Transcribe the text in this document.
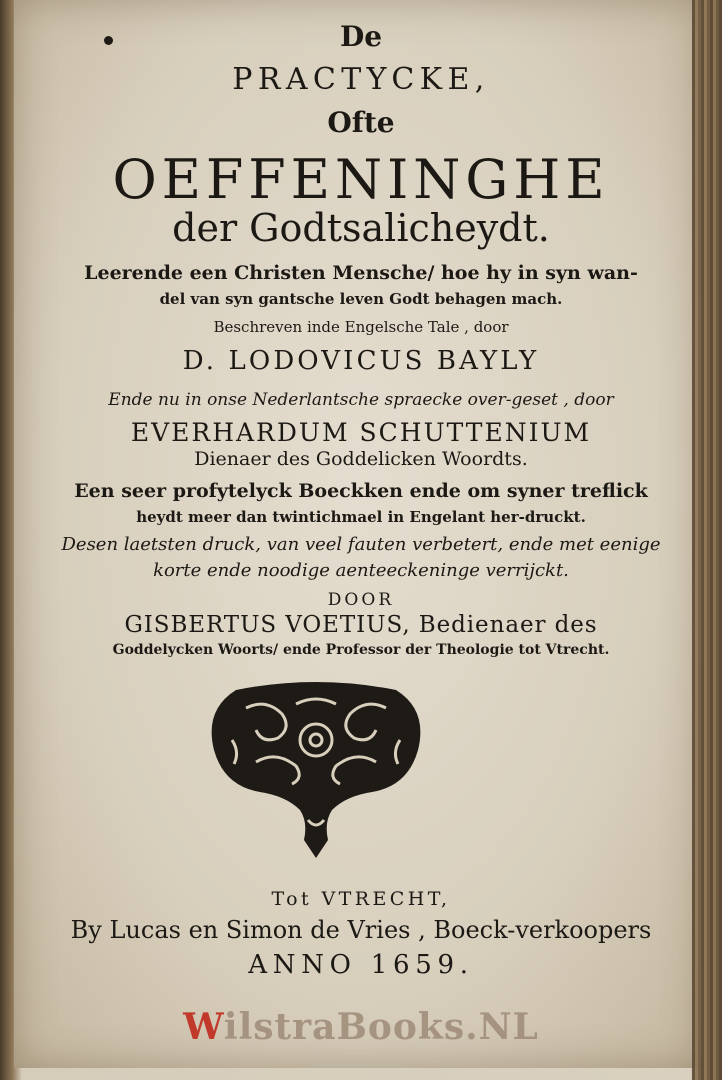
De
PRACTYCKE,
Ofte
OEFFENINGHE
der Godtsalicheydt.
Leerende een Christen Mensche/ hoe hy in syn wan-
del van syn gantsche leven Godt behagen mach.
Beschreven inde Engelsche Tale , door
D. LODOVICUS BAYLY
Ende nu in onse Nederlantsche spraecke over-geset , door
EVERHARDUM SCHUTTENIUM
Dienaer des Goddelicken Woordts.
Een seer profytelyck Boeckken ende om syner treflick
heydt meer dan twintichmael in Engelant her-druckt.
Desen laetsten druck, van veel fauten verbetert, ende met eenige
korte ende noodige aenteeckeninge verrijckt.
DOOR
GISBERTUS VOETIUS, Bedienaer des
Goddelycken Woorts/ ende Professor der Theologie tot Vtrecht.
Tot VTRECHT,
By Lucas en Simon de Vries , Boeck-verkoopers
ANNO 1659.
WilstraBooks.NL
